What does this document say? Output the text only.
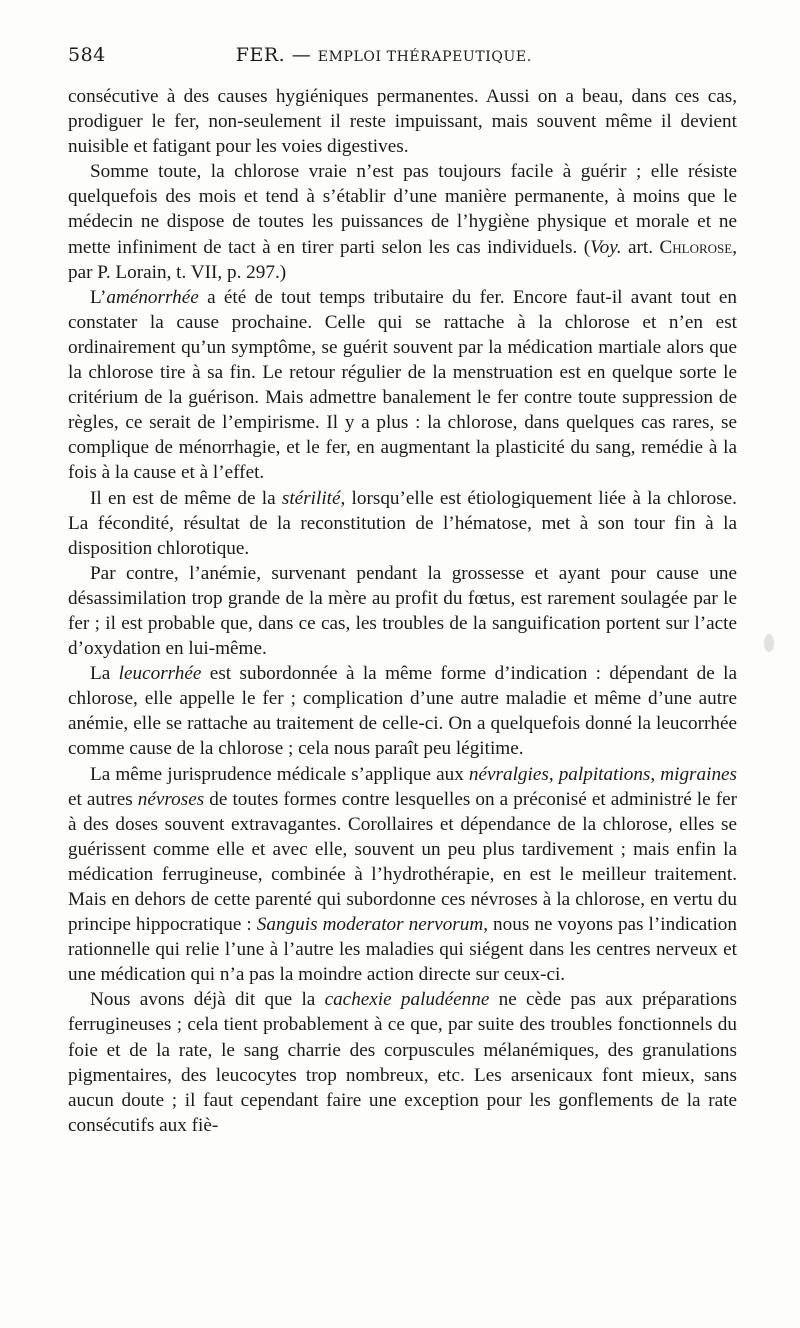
584	FER. — EMPLOI THÉRAPEUTIQUE.

consécutive à des causes hygiéniques permanentes. Aussi on a beau, dans ces cas, prodiguer le fer, non-seulement il reste impuissant, mais souvent même il devient nuisible et fatigant pour les voies digestives.

Somme toute, la chlorose vraie n’est pas toujours facile à guérir ; elle résiste quelquefois des mois et tend à s’établir d’une manière permanente, à moins que le médecin ne dispose de toutes les puissances de l’hygiène physique et morale et ne mette infiniment de tact à en tirer parti selon les cas individuels. (Voy. art. Chlorose, par P. Lorain, t. VII, p. 297.)

L’aménorrhée a été de tout temps tributaire du fer. Encore faut-il avant tout en constater la cause prochaine. Celle qui se rattache à la chlorose et n’en est ordinairement qu’un symptôme, se guérit souvent par la médication martiale alors que la chlorose tire à sa fin. Le retour régulier de la menstruation est en quelque sorte le critérium de la guérison. Mais admettre banalement le fer contre toute suppression de règles, ce serait de l’empirisme. Il y a plus : la chlorose, dans quelques cas rares, se complique de ménorrhagie, et le fer, en augmentant la plasticité du sang, remédie à la fois à la cause et à l’effet.

Il en est de même de la stérilité, lorsqu’elle est étiologiquement liée à la chlorose. La fécondité, résultat de la reconstitution de l’hématose, met à son tour fin à la disposition chlorotique.

Par contre, l’anémie, survenant pendant la grossesse et ayant pour cause une désassimilation trop grande de la mère au profit du fœtus, est rarement soulagée par le fer ; il est probable que, dans ce cas, les troubles de la sanguification portent sur l’acte d’oxydation en lui-même.

La leucorrhée est subordonnée à la même forme d’indication : dépendant de la chlorose, elle appelle le fer ; complication d’une autre maladie et même d’une autre anémie, elle se rattache au traitement de celle-ci. On a quelquefois donné la leucorrhée comme cause de la chlorose ; cela nous paraît peu légitime.

La même jurisprudence médicale s’applique aux névralgies, palpitations, migraines et autres névroses de toutes formes contre lesquelles on a préconisé et administré le fer à des doses souvent extravagantes. Corollaires et dépendance de la chlorose, elles se guérissent comme elle et avec elle, souvent un peu plus tardivement ; mais enfin la médication ferrugineuse, combinée à l’hydrothérapie, en est le meilleur traitement. Mais en dehors de cette parenté qui subordonne ces névroses à la chlorose, en vertu du principe hippocratique : Sanguis moderator nervorum, nous ne voyons pas l’indication rationnelle qui relie l’une à l’autre les maladies qui siégent dans les centres nerveux et une médication qui n’a pas la moindre action directe sur ceux-ci.

Nous avons déjà dit que la cachexie paludéenne ne cède pas aux préparations ferrugineuses ; cela tient probablement à ce que, par suite des troubles fonctionnels du foie et de la rate, le sang charrie des corpuscules mélanémiques, des granulations pigmentaires, des leucocytes trop nombreux, etc. Les arsenicaux font mieux, sans aucun doute ; il faut cependant faire une exception pour les gonflements de la rate consécutifs aux fiè-
